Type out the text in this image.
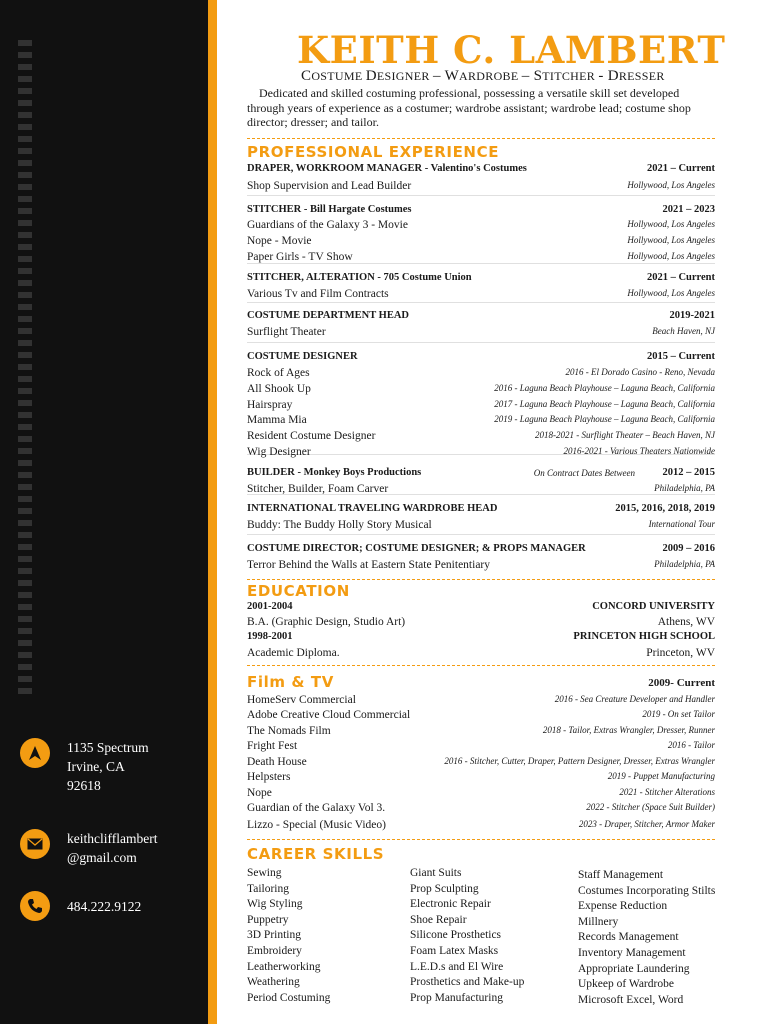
1135 Spectrum
Irvine, CA
92618
keithclifflambert
@gmail.com
484.222.9122
KEITH C. LAMBERT
COSTUME DESIGNER – WARDROBE – STITCHER - DRESSER
Dedicated and skilled costuming professional, possessing a versatile skill set developed through years of experience as a costumer; wardrobe assistant; wardrobe lead; costume shop director; dresser; and tailor.
PROFESSIONAL EXPERIENCE
DRAPER, WORKROOM MANAGER - Valentino's Costumes	2021 – Current
Shop Supervision and Lead Builder	Hollywood, Los Angeles
STITCHER - Bill Hargate Costumes	2021 – 2023
Guardians of the Galaxy 3 - Movie	Hollywood, Los Angeles
Nope - Movie	Hollywood, Los Angeles
Paper Girls - TV Show	Hollywood, Los Angeles
STITCHER, ALTERATION - 705 Costume Union	2021 – Current
Various Tv and Film Contracts	Hollywood, Los Angeles
COSTUME DEPARTMENT HEAD	2019-2021
Surflight Theater	Beach Haven, NJ
COSTUME DESIGNER	2015 – Current
Rock of Ages	2016 - El Dorado Casino - Reno, Nevada
All Shook Up	2016 - Laguna Beach Playhouse – Laguna Beach, California
Hairspray	2017 - Laguna Beach Playhouse – Laguna Beach, California
Mamma Mia	2019 - Laguna Beach Playhouse – Laguna Beach, California
Resident Costume Designer	2018-2021 - Surflight Theater – Beach Haven, NJ
Wig Designer	2016-2021 - Various Theaters Nationwide
BUILDER - Monkey Boys Productions	On Contract Dates Between	2012 – 2015
Stitcher, Builder, Foam Carver	Philadelphia, PA
INTERNATIONAL TRAVELING WARDROBE HEAD	2015, 2016, 2018, 2019
Buddy: The Buddy Holly Story Musical	International Tour
COSTUME DIRECTOR; COSTUME DESIGNER; & PROPS MANAGER	2009 – 2016
Terror Behind the Walls at Eastern State Penitentiary	Philadelphia, PA
EDUCATION
2001-2004	CONCORD UNIVERSITY
B.A. (Graphic Design, Studio Art)	Athens, WV
1998-2001	PRINCETON HIGH SCHOOL
Academic Diploma.	Princeton, WV
Film & TV	2009- Current
HomeServ Commercial	2016 - Sea Creature Developer and Handler
Adobe Creative Cloud Commercial	2019 - On set Tailor
The Nomads Film	2018 - Tailor, Extras Wrangler, Dresser, Runner
Fright Fest	2016 - Tailor
Death House	2016 - Stitcher, Cutter, Draper, Pattern Designer, Dresser, Extras Wrangler
Helpsters	2019 - Puppet Manufacturing
Nope	2021 - Stitcher Alterations
Guardian of the Galaxy Vol 3.	2022 - Stitcher (Space Suit Builder)
Lizzo - Special (Music Video)	2023 - Draper, Stitcher, Armor Maker
CAREER SKILLS
Sewing
Tailoring
Wig Styling
Puppetry
3D Printing
Embroidery
Leatherworking
Weathering
Period Costuming
Giant Suits
Prop Sculpting
Electronic Repair
Shoe Repair
Silicone Prosthetics
Foam Latex Masks
L.E.D.s and El Wire
Prosthetics and Make-up
Prop Manufacturing
Staff Management
Costumes Incorporating Stilts
Expense Reduction
Millnery
Records Management
Inventory Management
Appropriate Laundering
Upkeep of Wardrobe
Microsoft Excel, Word
